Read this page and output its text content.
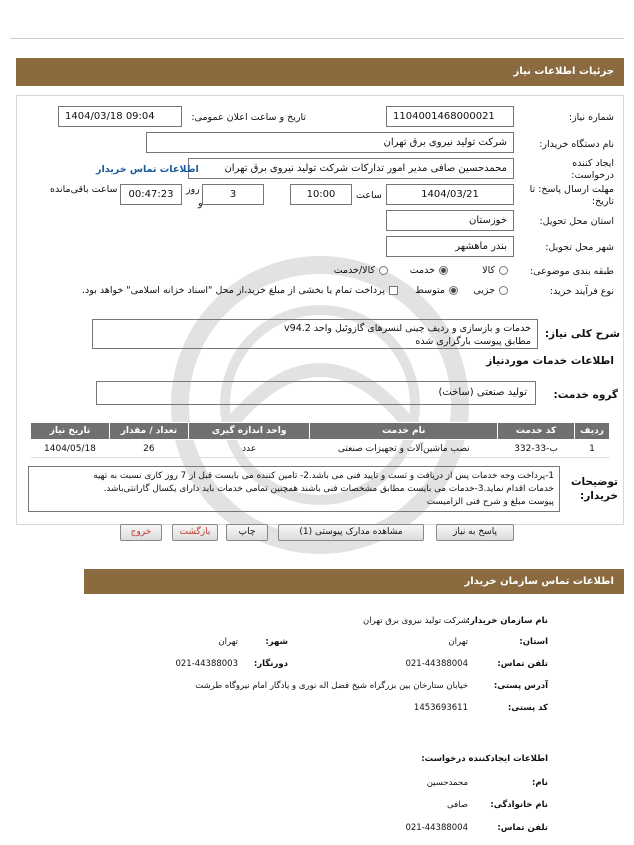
جزئیات اطلاعات نیاز
شماره نیاز:
1104001468000021
تاریخ و ساعت اعلان عمومی:
1404/03/18 09:04
نام دستگاه خریدار:
شرکت تولید نیروی برق تهران
ایجاد کننده
درخواست:
محمدحسین صافی مدیر امور تدارکات شرکت تولید نیروی برق تهران
اطلاعات تماس خریدار
مهلت ارسال پاسخ: تا
تاریخ:
1404/03/21
ساعت
10:00
3
روز
و
00:47:23
ساعت باقی‌مانده
استان محل تحویل:
خوزستان
شهر محل تحویل:
بندر ماهشهر
طبقه بندی موضوعی:
کالا
خدمت
کالا/خدمت
نوع فرآیند خرید:
جزیی
متوسط
پرداخت تمام یا بخشی از مبلغ خرید،از محل "اسناد خزانه اسلامی" خواهد بود.
شرح کلی نیاز:
خدمات و بازسازی و ردیف چینی لنسرهای گازوئیل واحد v94.2
مطابق پیوست بارگزاری شده
اطلاعات خدمات موردنیاز
گروه خدمت:
تولید صنعتی (ساخت)
ردیف	کد خدمت	نام خدمت	واحد اندازه گیری	تعداد / مقدار	تاریخ نیاز
1	ب-33-332	نصب ماشین‌آلات و تجهیزات صنعتی	عدد	26	1404/05/18
توضیحات
خریدار:
1-پرداخت وجه خدمات پس از دریافت و تست و تایید فنی می باشد.2- تامین کننده می بایست قبل از 7 روز کاری نسبت به تهیه
خدمات اقدام نماید.3-خدمات می بایست مطابق مشخصات فنی باشند همچنین تمامی خدمات باید دارای یکسال گارانتی‌باشد.
پیوست مبلغ و شرح فنی الزامیست
پاسخ به نیاز
مشاهده مدارک پیوستی (1)
چاپ
بازگشت
خروج
اطلاعات تماس سازمان خریدار
نام سازمان خریدار:
شرکت تولید نیروی برق تهران
استان:
تهران
شهر:
تهران
تلفن تماس:
021-44388004
دورنگار:
021-44388003
آدرس پستی:
خیابان ستارخان بین بزرگراه شیخ فضل اله نوری و یادگار امام نیروگاه طرشت
کد پستی:
1453693611
اطلاعات ایجادکننده درخواست:
نام:
محمدحسین
نام خانوادگی:
صافی
تلفن تماس:
021-44388004
